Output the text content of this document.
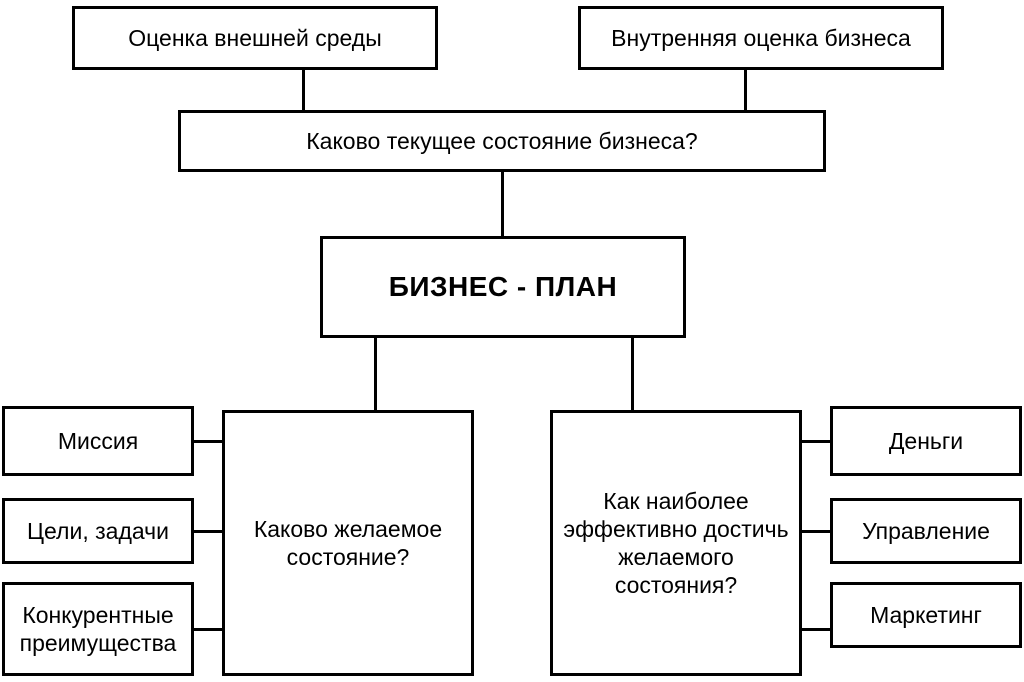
Оценка внешней среды	Внутренняя оценка бизнеса
Каково текущее состояние бизнеса?
БИЗНЕС - ПЛАН
Каково желаемое состояние?
Как наиболее эффективно достичь желаемого состояния?
Миссия
Цели, задачи
Конкурентные преимущества
Деньги
Управление
Маркетинг
